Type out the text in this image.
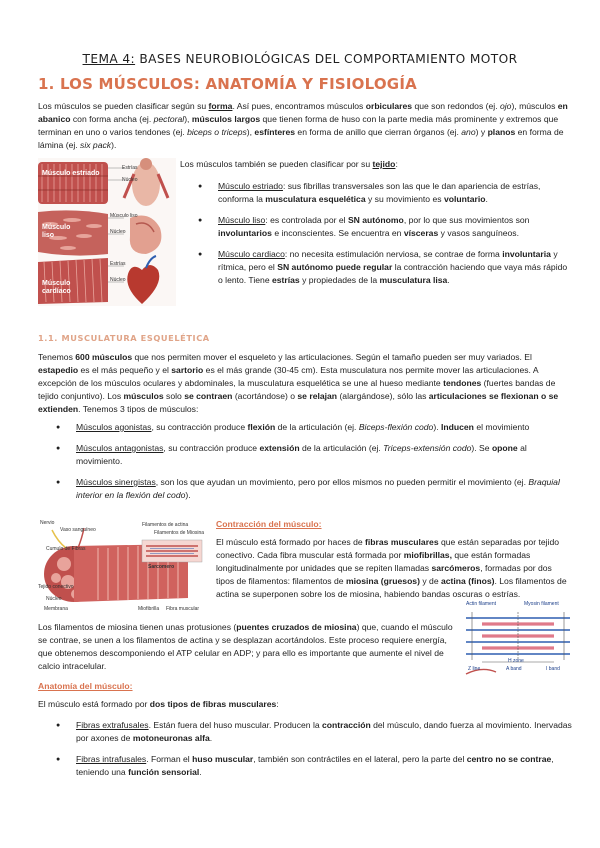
TEMA 4: BASES NEUROBIOLÓGICAS DEL COMPORTAMIENTO MOTOR
1. LOS MÚSCULOS: ANATOMÍA Y FISIOLOGÍA

Los músculos se pueden clasificar según su forma. Así pues, encontramos músculos orbiculares que son redondos (ej. ojo), músculos en abanico con forma ancha (ej. pectoral), músculos largos que tienen forma de huso con la parte media más prominente y extremos que terminan en uno o varios tendones (ej. biceps o triceps), esfínteres en forma de anillo que cierran órganos (ej. ano) y planos en forma de lámina (ej. six pack).

Músculo estriado
Estrías
Núcleo
Músculo liso
Músculo liso
Núcleo
Músculo cardíaco
Estrías
Núcleo

Los músculos también se pueden clasificar por su tejido:

● Músculo estriado: sus fibrillas transversales son las que le dan apariencia de estrías, conforma la musculatura esquelética y su movimiento es voluntario.
● Músculo liso: es controlada por el SN autónomo, por lo que sus movimientos son involuntarios e inconscientes. Se encuentra en vísceras y vasos sanguíneos.
● Músculo cardiaco: no necesita estimulación nerviosa, se contrae de forma involuntaria y rítmica, pero el SN autónomo puede regular la contracción haciendo que vaya más rápido o lento. Tiene estrías y propiedades de la musculatura lisa.
1.1. MUSCULATURA ESQUELÉTICA

Tenemos 600 músculos que nos permiten mover el esqueleto y las articulaciones. Según el tamaño pueden ser muy variados. El estapedio es el más pequeño y el sartorio es el más grande (30-45 cm). Esta musculatura nos permite mover las articulaciones. A excepción de los músculos oculares y abdominales, la musculatura esquelética se une al hueso mediante tendones (fuertes bandas de tejido conjuntivo). Los músculos solo se contraen (acortándose) o se relajan (alargándose), sólo las articulaciones se flexionan o se extienden. Tenemos 3 tipos de músculos:

● Músculos agonistas, su contracción produce flexión de la articulación (ej. Biceps-flexión codo). Inducen el movimiento
● Músculos antagonistas, su contracción produce extensión de la articulación (ej. Triceps-extensión codo). Se opone al movimiento.
● Músculos sinergistas, son los que ayudan un movimiento, pero por ellos mismos no pueden permitir el movimiento (ej. Braquial interior en la flexión del codo).
Nervio
Vaso sanguíneo
Cumulo de Fibras
Tejido conectivo
Núcleo
Membrana
Filamentos de actina
Filamentos de Miosina
Sarcomero
Miofibrilla Fibra muscular
Contracción del músculo:

El músculo está formado por haces de fibras musculares que están separadas por tejido conectivo. Cada fibra muscular está formada por miofibrillas, que están formadas longitudinalmente por unidades que se repiten llamadas sarcómeros, formadas por dos tipos de filamentos: filamentos de miosina (gruesos) y de actina (finos). Los filamentos de actina se superponen sobre los de miosina, habiendo bandas oscuras o estrías.

Actin filament	Myosin filament
H zone
Z line	A band	I band

Los filamentos de miosina tienen unas protusiones (puentes cruzados de miosina) que, cuando el músculo se contrae, se unen a los filamentos de actina y se desplazan acortándolos. Este proceso requiere energía, que obtenemos descomponiendo el ATP celular en ADP; y para ello es importante que aumente el nivel de calcio intracelular.

Anatomía del músculo:

El músculo está formado por dos tipos de fibras musculares:

● Fibras extrafusales. Están fuera del huso muscular. Producen la contracción del músculo, dando fuerza al movimiento. Inervadas por axones de motoneuronas alfa.
● Fibras intrafusales. Forman el huso muscular, también son contráctiles en el lateral, pero la parte del centro no se contrae, teniendo una función sensorial.
